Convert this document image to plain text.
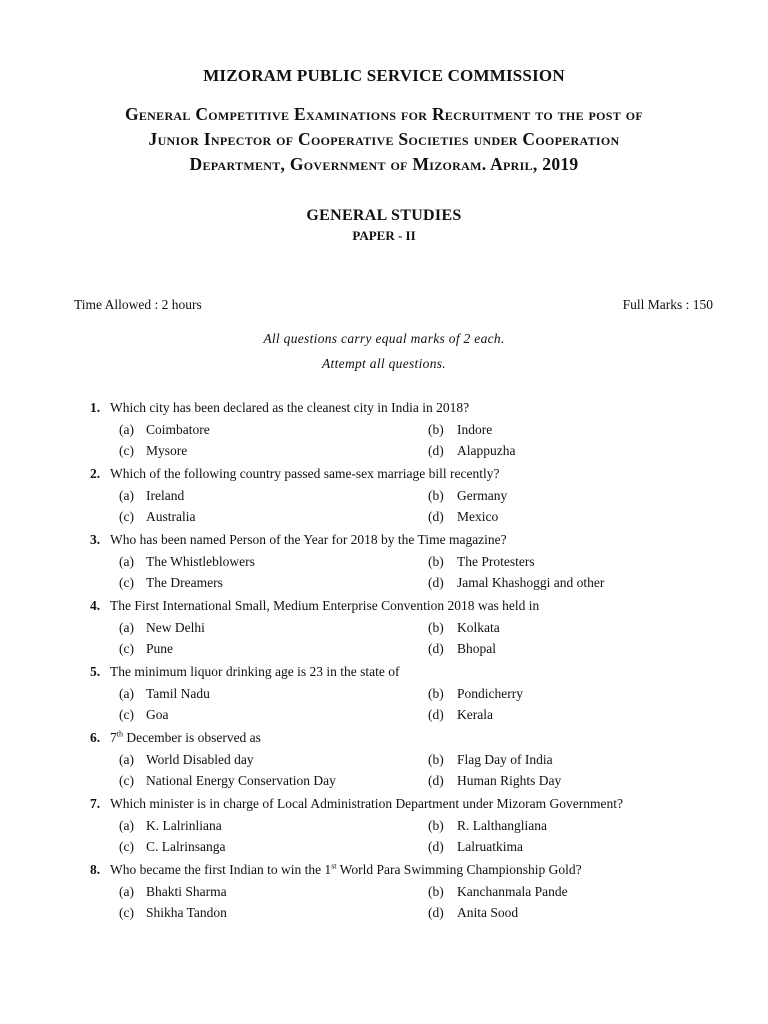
MIZORAM PUBLIC SERVICE COMMISSION
General Competitive Examinations for Recruitment to the post of
Junior Inpector of Cooperative Societies under Cooperation
Department, Government of Mizoram. April, 2019
GENERAL STUDIES
PAPER - II
Time Allowed : 2 hours	Full Marks : 150
All questions carry equal marks of 2 each.
Attempt all questions.
1. Which city has been declared as the cleanest city in India in 2018?
(a) Coimbatore	(b) Indore
(c) Mysore	(d) Alappuzha
2. Which of the following country passed same-sex marriage bill recently?
(a) Ireland	(b) Germany
(c) Australia	(d) Mexico
3. Who has been named Person of the Year for 2018 by the Time magazine?
(a) The Whistleblowers	(b) The Protesters
(c) The Dreamers	(d) Jamal Khashoggi and other
4. The First International Small, Medium Enterprise Convention 2018 was held in
(a) New Delhi	(b) Kolkata
(c) Pune	(d) Bhopal
5. The minimum liquor drinking age is 23 in the state of
(a) Tamil Nadu	(b) Pondicherry
(c) Goa	(d) Kerala
6. 7th December is observed as
(a) World Disabled day	(b) Flag Day of India
(c) National Energy Conservation Day	(d) Human Rights Day
7. Which minister is in charge of Local Administration Department under Mizoram Government?
(a) K. Lalrinliana	(b) R. Lalthangliana
(c) C. Lalrinsanga	(d) Lalruatkima
8. Who became the first Indian to win the 1st World Para Swimming Championship Gold?
(a) Bhakti Sharma	(b) Kanchanmala Pande
(c) Shikha Tandon	(d) Anita Sood
